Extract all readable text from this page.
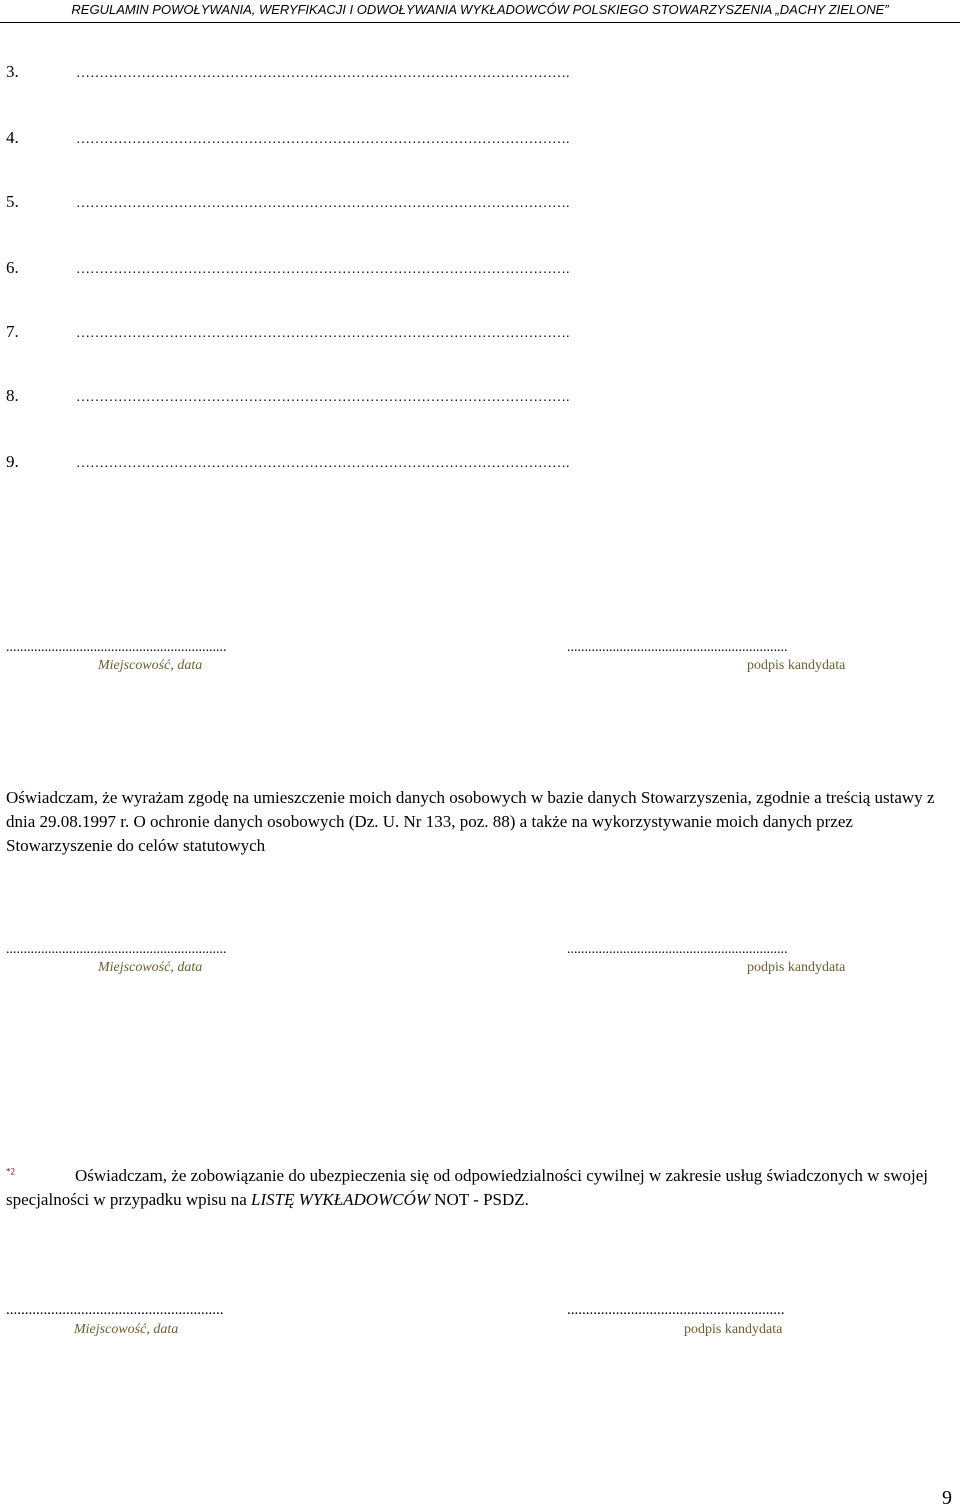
REGULAMIN POWOŁYWANIA, WERYFIKACJI I ODWOŁYWANIA WYKŁADOWCÓW POLSKIEGO STOWARZYSZENIA „DACHY ZIELONE”
3.	…………………………………………………………………………………………….
4.	…………………………………………………………………………………………….
5.	…………………………………………………………………………………………….
6.	…………………………………………………………………………………………….
7.	…………………………………………………………………………………………….
8.	…………………………………………………………………………………………….
9.	…………………………………………………………………………………………….
...............................................................
Miejscowość, data
...............................................................
podpis kandydata

Oświadczam, że wyrażam zgodę na umieszczenie moich danych osobowych w bazie danych Stowarzyszenia, zgodnie a treścią ustawy z dnia 29.08.1997 r. O ochronie danych osobowych (Dz. U. Nr 133, poz. 88) a także na wykorzystywanie moich danych przez Stowarzyszenie do celów statutowych

...............................................................
Miejscowość, data
...............................................................
podpis kandydata

$^{*2}$	Oświadczam, że zobowiązanie do ubezpieczenia się od odpowiedzialności cywilnej w zakresie usług świadczonych w swojej specjalności w przypadku wpisu na LISTĘ WYKŁADOWCÓW NOT - PSDZ.

..........................................................
Miejscowość, data
..........................................................
podpis kandydata
9
